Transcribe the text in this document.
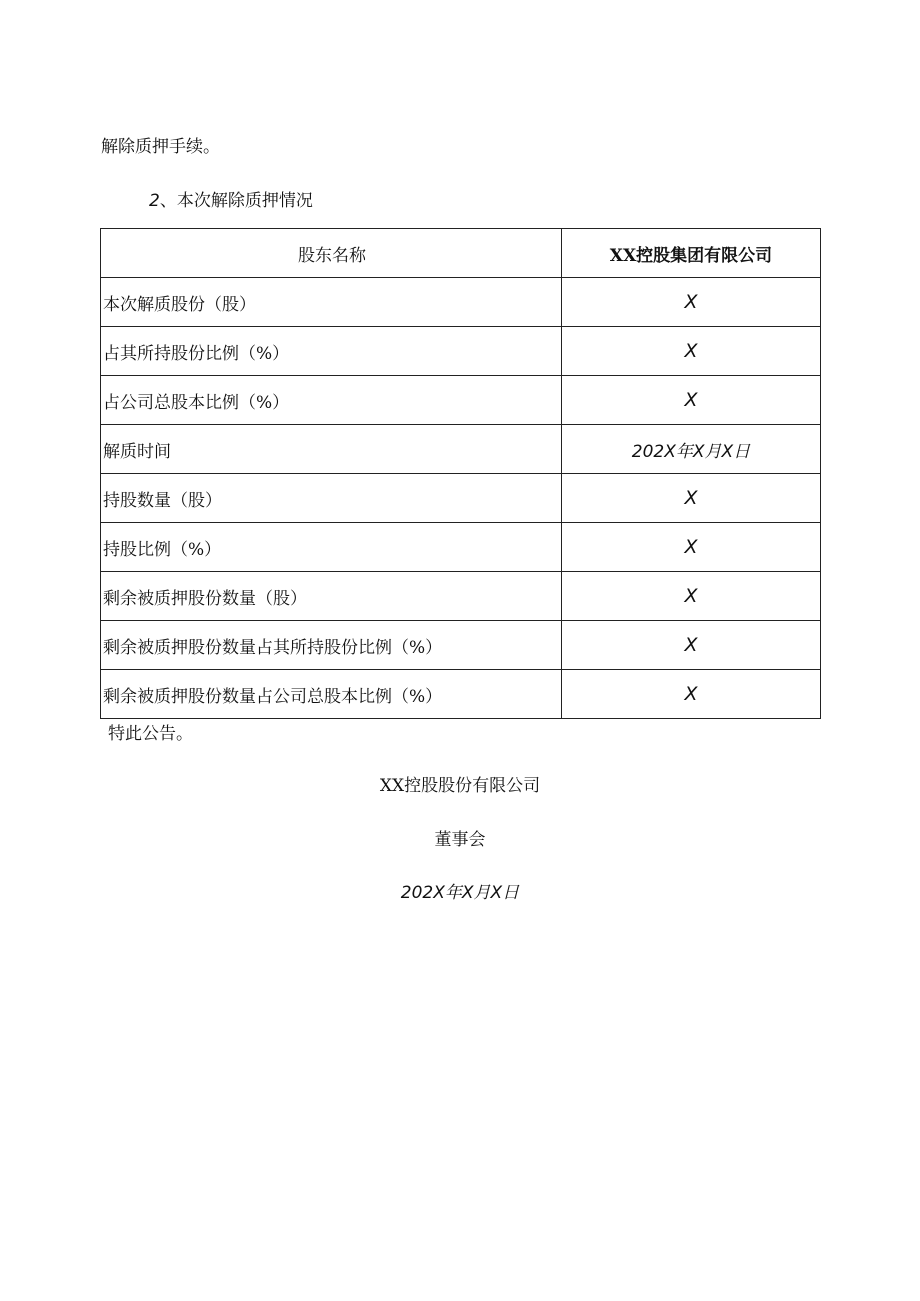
解除质押手续。

2、本次解除质押情况

股东名称	XX控股集团有限公司
本次解质股份（股）	X
占其所持股份比例（%）	X
占公司总股本比例（%）	X
解质时间	202X年X月X日
持股数量（股）	X
持股比例（%）	X
剩余被质押股份数量（股）	X
剩余被质押股份数量占其所持股份比例（%）	X
剩余被质押股份数量占公司总股本比例（%）	X

特此公告。

XX控股股份有限公司
董事会
202X年X月X日
